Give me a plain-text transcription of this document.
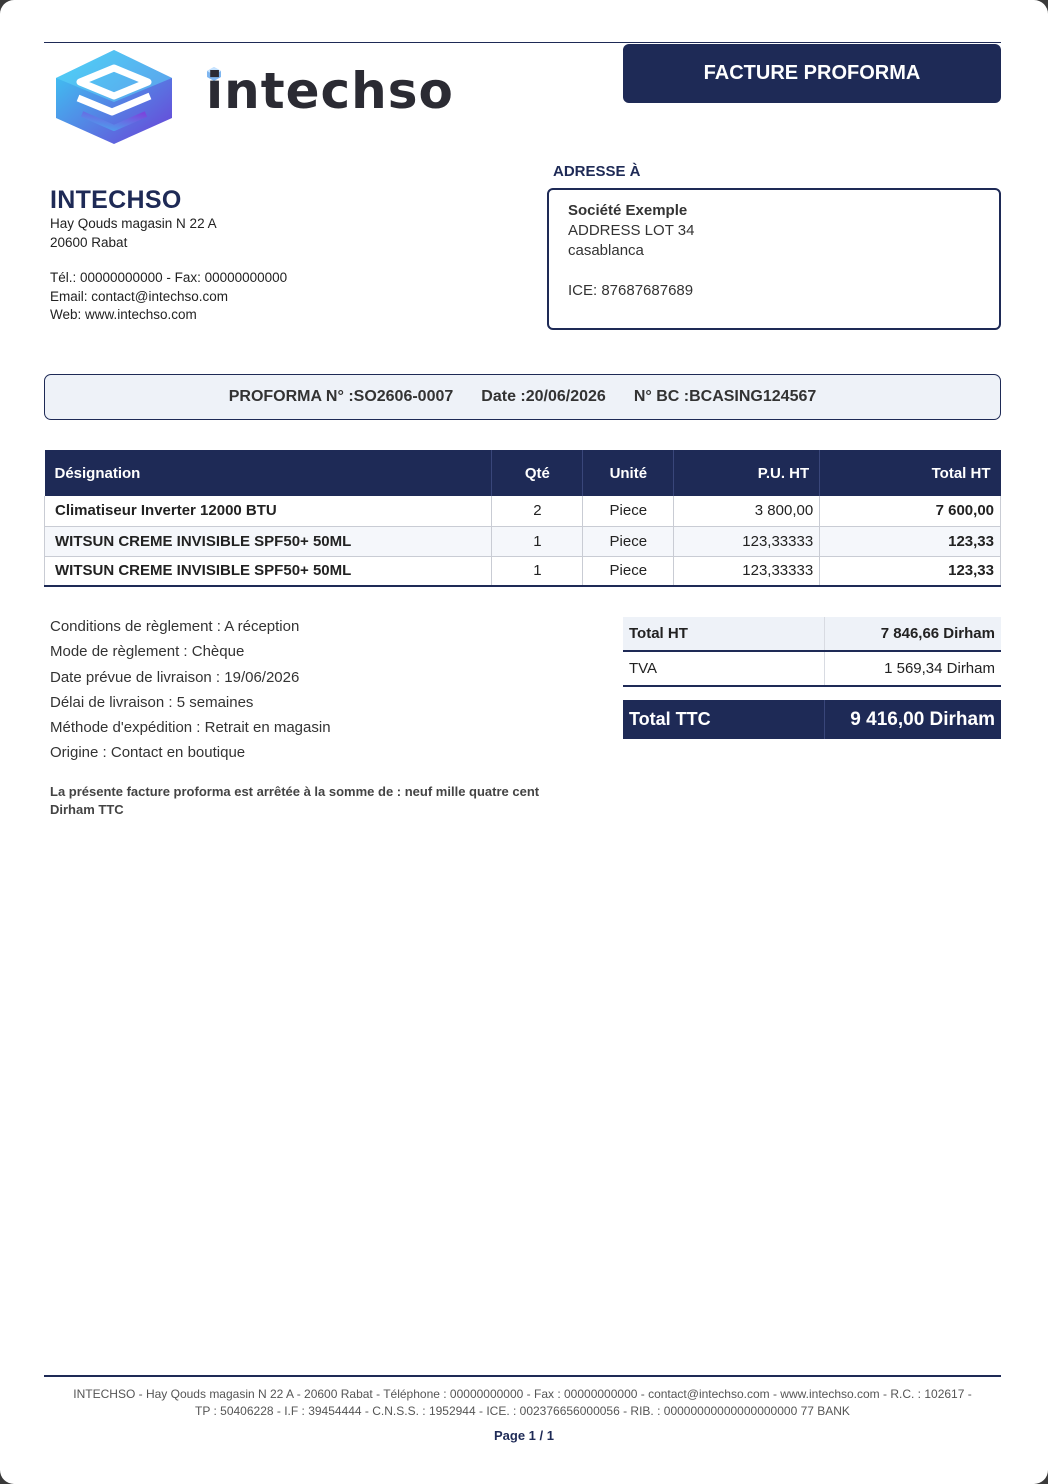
intechso	FACTURE PROFORMA
INTECHSO
Hay Qouds magasin N 22 A
20600 Rabat
Tél.: 00000000000 - Fax: 00000000000
Email: contact@intechso.com
Web: www.intechso.com
ADRESSE À
Société Exemple
ADDRESS LOT 34
casablanca
ICE: 87687687689
PROFORMA N° :SO2606-0007 Date :20/06/2026 N° BC :BCASING124567
Désignation	Qté	Unité	P.U. HT	Total HT
Climatiseur Inverter 12000 BTU	2	Piece	3 800,00	7 600,00
WITSUN CREME INVISIBLE SPF50+ 50ML	1	Piece	123,33333	123,33
WITSUN CREME INVISIBLE SPF50+ 50ML	1	Piece	123,33333	123,33
Conditions de règlement : A réception
Mode de règlement : Chèque
Date prévue de livraison : 19/06/2026
Délai de livraison : 5 semaines
Méthode d'expédition : Retrait en magasin
Origine : Contact en boutique
La présente facture proforma est arrêtée à la somme de : neuf mille quatre cent Dirham TTC
Total HT	7 846,66 Dirham
TVA	1 569,34 Dirham

Total TTC	9 416,00 Dirham
INTECHSO - Hay Qouds magasin N 22 A - 20600 Rabat - Téléphone : 00000000000 - Fax : 00000000000 - contact@intechso.com - www.intechso.com - R.C. : 102617 -
TP : 50406228 - I.F : 39454444 - C.N.S.S. : 1952944 - ICE. : 002376656000056 - RIB. : 00000000000000000000 77 BANK
Page 1 / 1
